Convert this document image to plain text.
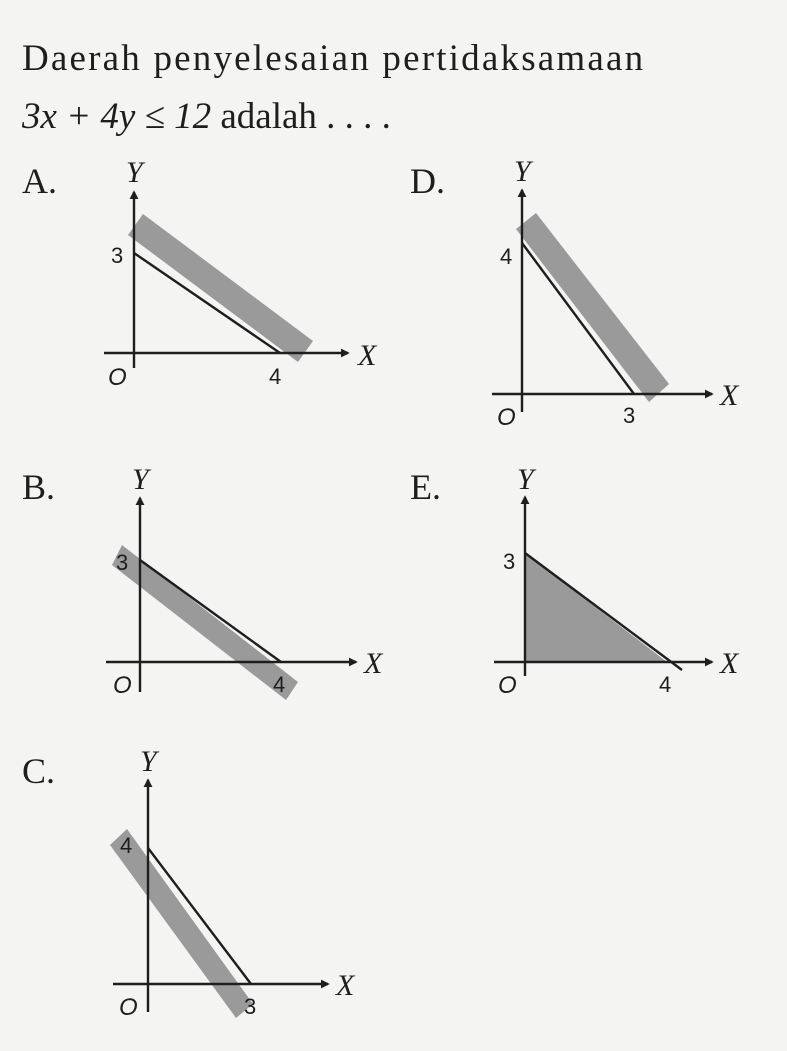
Daerah penyelesaian pertidaksamaan
3x + 4y ≤ 12 adalah . . . .
A.
B.
C.
D.
E.
Y
X
O
3
4
Y
X
O
4
3
Y
X
O
3
4
Y
X
O
3
4
Y
X
O
4
3
